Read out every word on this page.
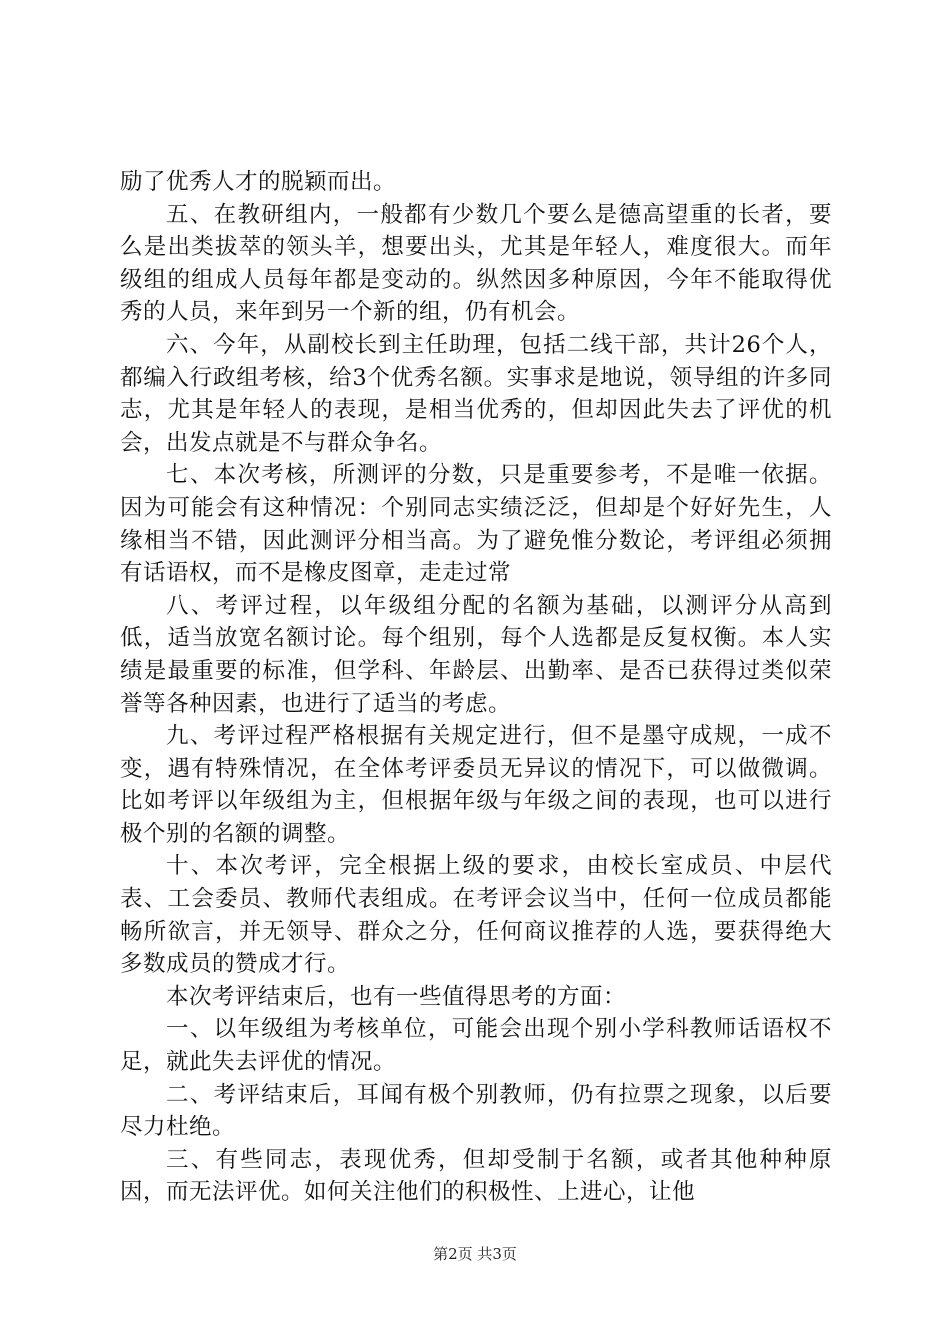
励了优秀人才的脱颖而出。

五、在教研组内，一般都有少数几个要么是德高望重的长者，要么是出类拔萃的领头羊，想要出头，尤其是年轻人，难度很大。而年级组的组成人员每年都是变动的。纵然因多种原因，今年不能取得优秀的人员，来年到另一个新的组，仍有机会。

六、今年，从副校长到主任助理，包括二线干部，共计26个人，都编入行政组考核，给3个优秀名额。实事求是地说，领导组的许多同志，尤其是年轻人的表现，是相当优秀的，但却因此失去了评优的机会，出发点就是不与群众争名。

七、本次考核，所测评的分数，只是重要参考，不是唯一依据。因为可能会有这种情况：个别同志实绩泛泛，但却是个好好先生，人缘相当不错，因此测评分相当高。为了避免惟分数论，考评组必须拥有话语权，而不是橡皮图章，走走过常

八、考评过程，以年级组分配的名额为基础，以测评分从高到低，适当放宽名额讨论。每个组别，每个人选都是反复权衡。本人实绩是最重要的标准，但学科、年龄层、出勤率、是否已获得过类似荣誉等各种因素，也进行了适当的考虑。

九、考评过程严格根据有关规定进行，但不是墨守成规，一成不变，遇有特殊情况，在全体考评委员无异议的情况下，可以做微调。比如考评以年级组为主，但根据年级与年级之间的表现，也可以进行极个别的名额的调整。

十、本次考评，完全根据上级的要求，由校长室成员、中层代表、工会委员、教师代表组成。在考评会议当中，任何一位成员都能畅所欲言，并无领导、群众之分，任何商议推荐的人选，要获得绝大多数成员的赞成才行。

本次考评结束后，也有一些值得思考的方面：

一、以年级组为考核单位，可能会出现个别小学科教师话语权不足，就此失去评优的情况。

二、考评结束后，耳闻有极个别教师，仍有拉票之现象，以后要尽力杜绝。

三、有些同志，表现优秀，但却受制于名额，或者其他种种原因，而无法评优。如何关注他们的积极性、上进心，让他

第2页 共3页
